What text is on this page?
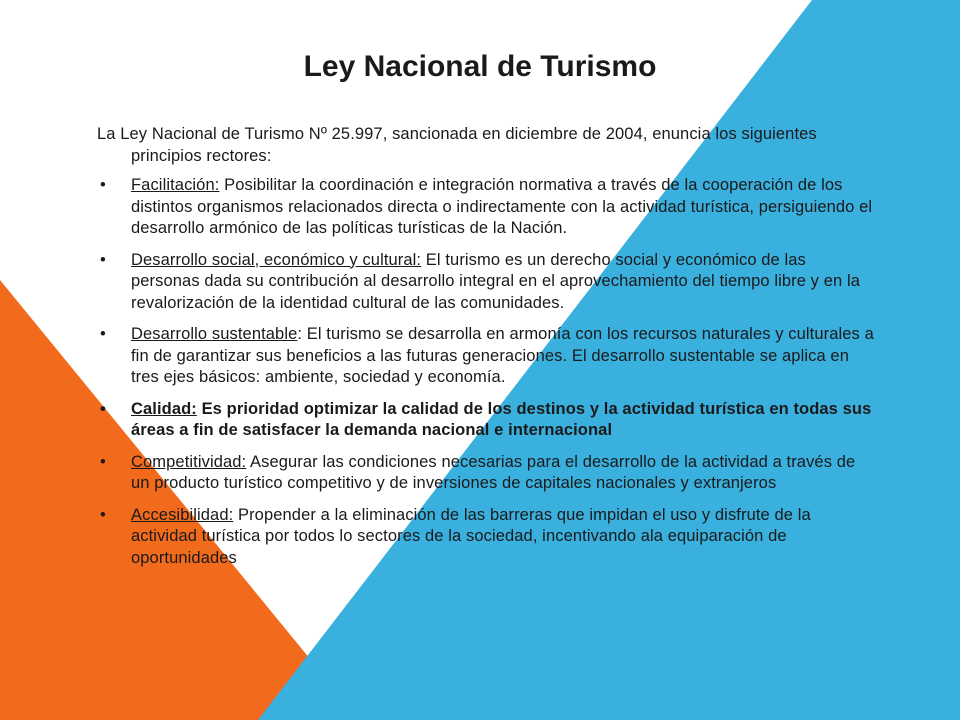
Ley Nacional de Turismo

La Ley Nacional de Turismo Nº 25.997, sancionada en diciembre de 2004, enuncia los siguientes principios rectores:

• Facilitación: Posibilitar la coordinación e integración normativa a través de la cooperación de los distintos organismos relacionados directa o indirectamente con la actividad turística, persiguiendo el desarrollo armónico de las políticas turísticas de la Nación.
• Desarrollo social, económico y cultural: El turismo es un derecho social y económico de las personas dada su contribución al desarrollo integral en el aprovechamiento del tiempo libre y en la revalorización de la identidad cultural de las comunidades.
• Desarrollo sustentable: El turismo se desarrolla en armonía con los recursos naturales y culturales a fin de garantizar sus beneficios a las futuras generaciones. El desarrollo sustentable se aplica en tres ejes básicos: ambiente, sociedad y economía.
• Calidad: Es prioridad optimizar la calidad de los destinos y la actividad turística en todas sus áreas a fin de satisfacer la demanda nacional e internacional
• Competitividad: Asegurar las condiciones necesarias para el desarrollo de la actividad a través de un producto turístico competitivo y de inversiones de capitales nacionales y extranjeros
• Accesibilidad: Propender a la eliminación de las barreras que impidan el uso y disfrute de la actividad turística por todos lo sectores de la sociedad, incentivando ala equiparación de oportunidades
